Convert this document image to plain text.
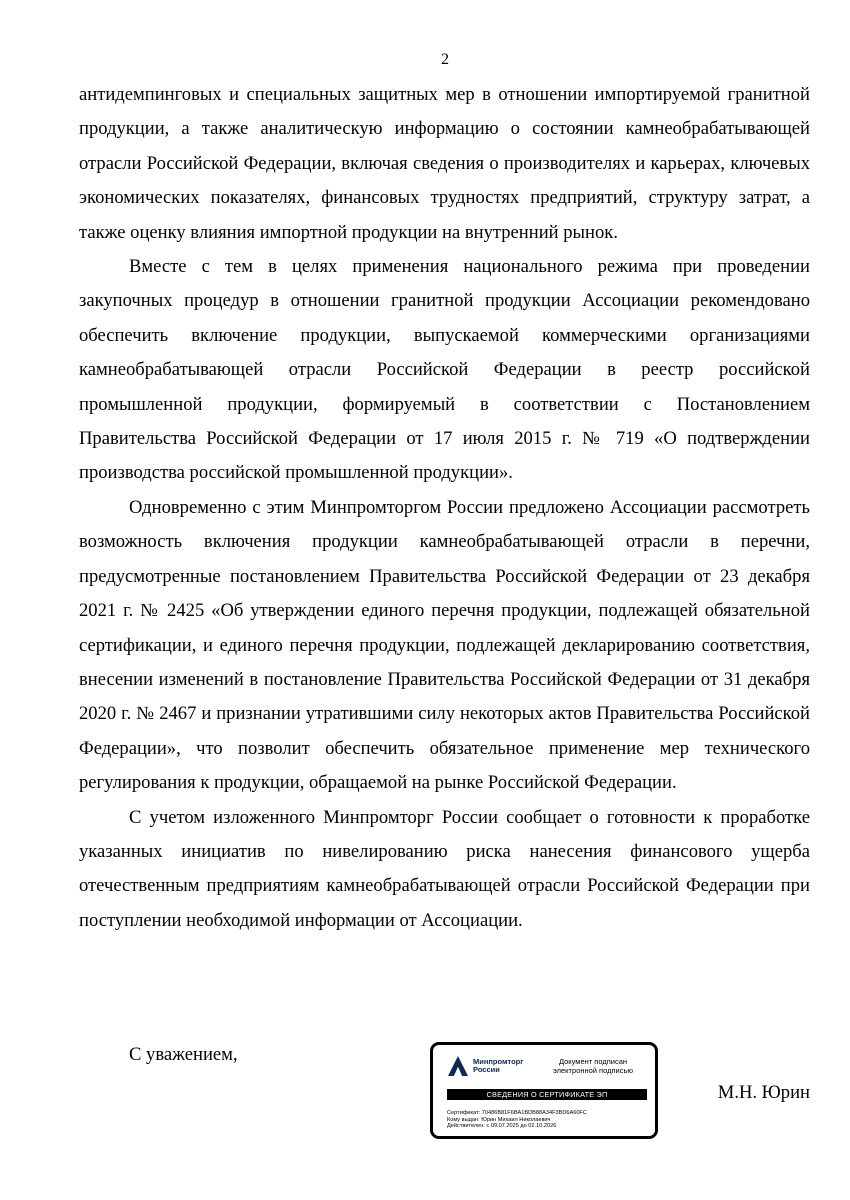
2

антидемпинговых и специальных защитных мер в отношении импортируемой гранитной продукции, а также аналитическую информацию о состоянии камнеобрабатывающей отрасли Российской Федерации, включая сведения о производителях и карьерах, ключевых экономических показателях, финансовых трудностях предприятий, структуру затрат, а также оценку влияния импортной продукции на внутренний рынок.

Вместе с тем в целях применения национального режима при проведении закупочных процедур в отношении гранитной продукции Ассоциации рекомендовано обеспечить включение продукции, выпускаемой коммерческими организациями камнеобрабатывающей отрасли Российской Федерации в реестр российской промышленной продукции, формируемый в соответствии с Постановлением Правительства Российской Федерации от 17 июля 2015 г. № 719 «О подтверждении производства российской промышленной продукции».

Одновременно с этим Минпромторгом России предложено Ассоциации рассмотреть возможность включения продукции камнеобрабатывающей отрасли в перечни, предусмотренные постановлением Правительства Российской Федерации от 23 декабря 2021 г. № 2425 «Об утверждении единого перечня продукции, подлежащей обязательной сертификации, и единого перечня продукции, подлежащей декларированию соответствия, внесении изменений в постановление Правительства Российской Федерации от 31 декабря 2020 г. № 2467 и признании утратившими силу некоторых актов Правительства Российской Федерации», что позволит обеспечить обязательное применение мер технического регулирования к продукции, обращаемой на рынке Российской Федерации.

С учетом изложенного Минпромторг России сообщает о готовности к проработке указанных инициатив по нивелированию риска нанесения финансового ущерба отечественным предприятиям камнеобрабатывающей отрасли Российской Федерации при поступлении необходимой информации от Ассоциации.

С уважением,	Минпромторг
России
Документ подписан
электронной подписью
СВЕДЕНИЯ О СЕРТИФИКАТЕ ЭП
Сертификат: 70486B81F6BA1BDB88A34F3BD6A60FC
Кому выдан: Юрин Михаил Николаевич
Действителен: с 09.07.2025 до 02.10.2026
М.Н. Юрин
